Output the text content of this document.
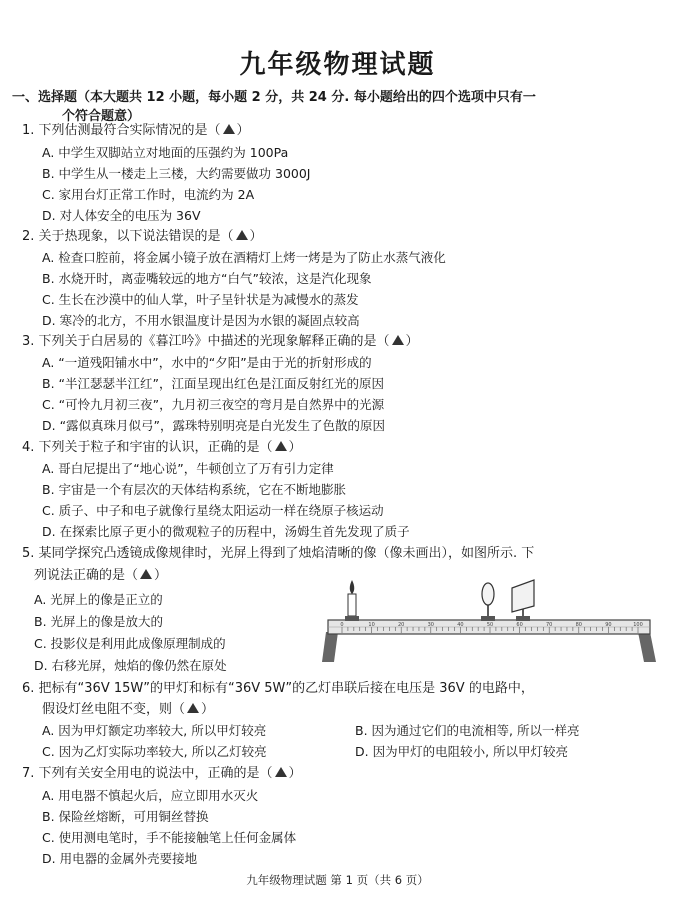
九年级物理试题
一、选择题（本大题共 12 小题，每小题 2 分，共 24 分. 每小题给出的四个选项中只有一
个符合题意）
1. 下列估测最符合实际情况的是（ ）
A. 中学生双脚站立对地面的压强约为 100Pa
B. 中学生从一楼走上三楼，大约需要做功 3000J
C. 家用台灯正常工作时，电流约为 2A
D. 对人体安全的电压为 36V
2. 关于热现象，以下说法错误的是（ ）
A. 检查口腔前，将金属小镜子放在酒精灯上烤一烤是为了防止水蒸气液化
B. 水烧开时，离壶嘴较远的地方“白气”较浓，这是汽化现象
C. 生长在沙漠中的仙人掌，叶子呈针状是为减慢水的蒸发
D. 寒冷的北方，不用水银温度计是因为水银的凝固点较高
3. 下列关于白居易的《暮江吟》中描述的光现象解释正确的是（ ）
A. “一道残阳铺水中”，水中的“夕阳”是由于光的折射形成的
B. “半江瑟瑟半江红”，江面呈现出红色是江面反射红光的原因
C. “可怜九月初三夜”，九月初三夜空的弯月是自然界中的光源
D. “露似真珠月似弓”，露珠特别明亮是白光发生了色散的原因
4. 下列关于粒子和宇宙的认识，正确的是（ ）
A. 哥白尼提出了“地心说”，牛顿创立了万有引力定律
B. 宇宙是一个有层次的天体结构系统，它在不断地膨胀
C. 质子、中子和电子就像行星绕太阳运动一样在绕原子核运动
D. 在探索比原子更小的微观粒子的历程中，汤姆生首先发现了质子
5. 某同学探究凸透镜成像规律时，光屏上得到了烛焰清晰的像（像未画出），如图所示. 下
列说法正确的是（ ）
A. 光屏上的像是正立的
B. 光屏上的像是放大的
C. 投影仪是利用此成像原理制成的
D. 右移光屏，烛焰的像仍然在原处
0	10	20	30	40	50	60	70	80	90	100
6. 把标有“36V 15W”的甲灯和标有“36V 5W”的乙灯串联后接在电压是 36V 的电路中，
假设灯丝电阻不变，则（ ）
A. 因为甲灯额定功率较大, 所以甲灯较亮	B. 因为通过它们的电流相等, 所以一样亮
C. 因为乙灯实际功率较大, 所以乙灯较亮	D. 因为甲灯的电阻较小, 所以甲灯较亮
7. 下列有关安全用电的说法中，正确的是（ ）
A. 用电器不慎起火后，应立即用水灭火
B. 保险丝熔断，可用铜丝替换
C. 使用测电笔时，手不能接触笔上任何金属体
D. 用电器的金属外壳要接地
九年级物理试题 第 1 页（共 6 页）
